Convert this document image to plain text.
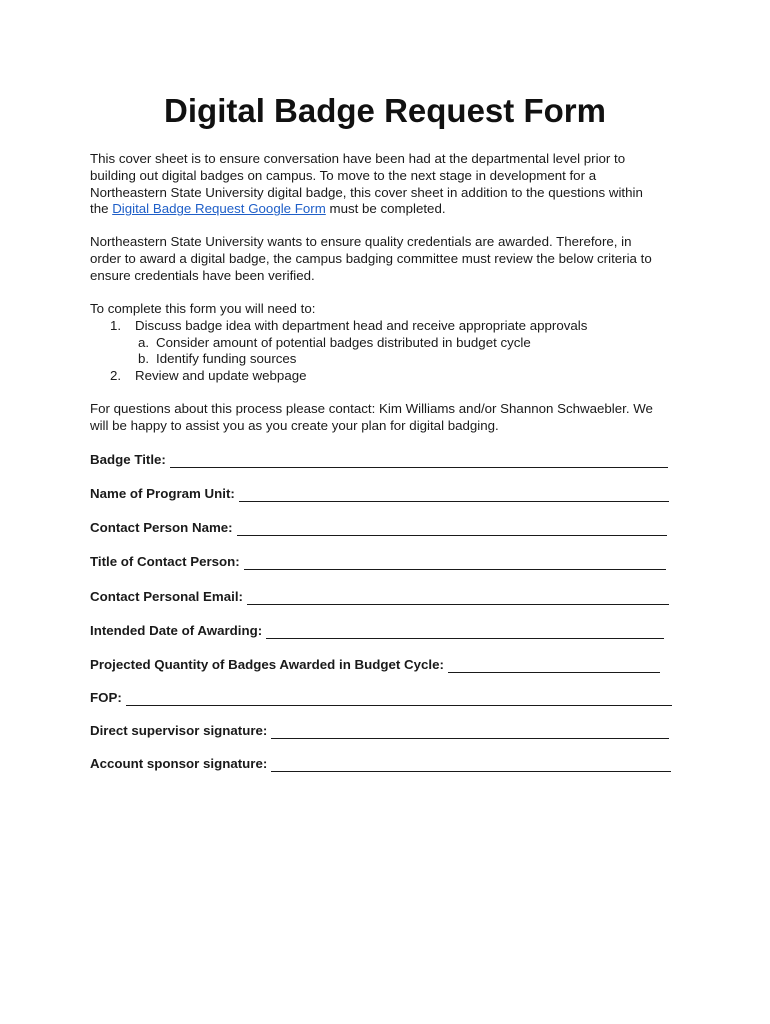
Digital Badge Request Form
This cover sheet is to ensure conversation have been had at the departmental level prior to
building out digital badges on campus. To move to the next stage in development for a
Northeastern State University digital badge, this cover sheet in addition to the questions within
the Digital Badge Request Google Form must be completed.
Northeastern State University wants to ensure quality credentials are awarded. Therefore, in
order to award a digital badge, the campus badging committee must review the below criteria to
ensure credentials have been verified.
To complete this form you will need to:
1. Discuss badge idea with department head and receive appropriate approvals
a. Consider amount of potential badges distributed in budget cycle
b. Identify funding sources
2. Review and update webpage
For questions about this process please contact: Kim Williams and/or Shannon Schwaebler. We
will be happy to assist you as you create your plan for digital badging.
Badge Title:
Name of Program Unit:
Contact Person Name:
Title of Contact Person:
Contact Personal Email:
Intended Date of Awarding:
Projected Quantity of Badges Awarded in Budget Cycle:
FOP:
Direct supervisor signature:
Account sponsor signature:
